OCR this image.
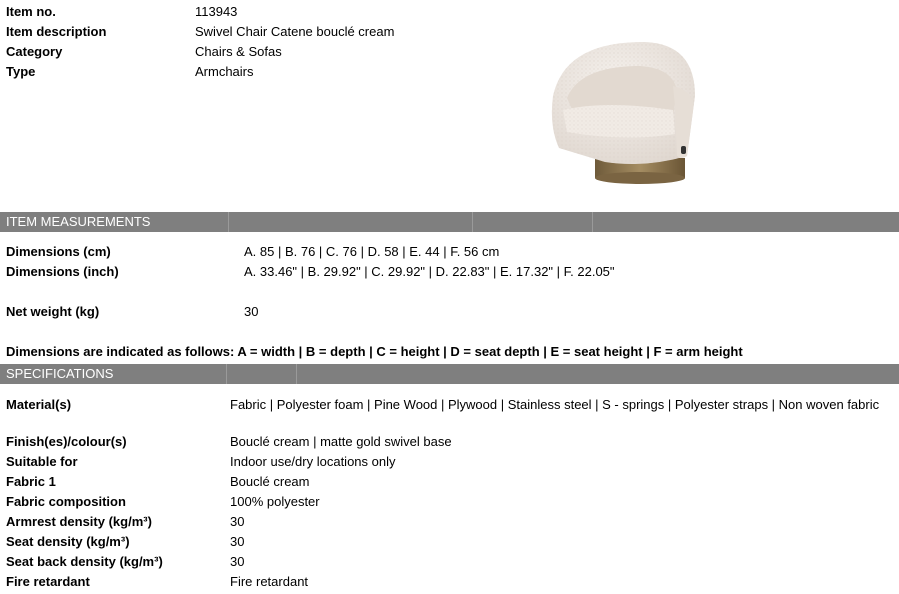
Item no.	113943
Item description	Swivel Chair Catene bouclé cream
Category	Chairs & Sofas
Type	Armchairs
ITEM MEASUREMENTS
Dimensions (cm)	A. 85 | B. 76 | C. 76 | D. 58 | E. 44 | F. 56 cm
Dimensions (inch)	A. 33.46" | B. 29.92" | C. 29.92" | D. 22.83" | E. 17.32" | F. 22.05"
Net weight (kg)	30
Dimensions are indicated as follows: A = width | B = depth | C = height | D = seat depth | E = seat height | F = arm height
SPECIFICATIONS
Material(s)	Fabric | Polyester foam | Pine Wood | Plywood | Stainless steel | S - springs | Polyester straps | Non woven fabric
Finish(es)/colour(s)	Bouclé cream | matte gold swivel base
Suitable for	Indoor use/dry locations only
Fabric 1	Bouclé cream
Fabric composition	100% polyester
Armrest density (kg/m³)	30
Seat density (kg/m³)	30
Seat back density (kg/m³)	30
Fire retardant	Fire retardant
